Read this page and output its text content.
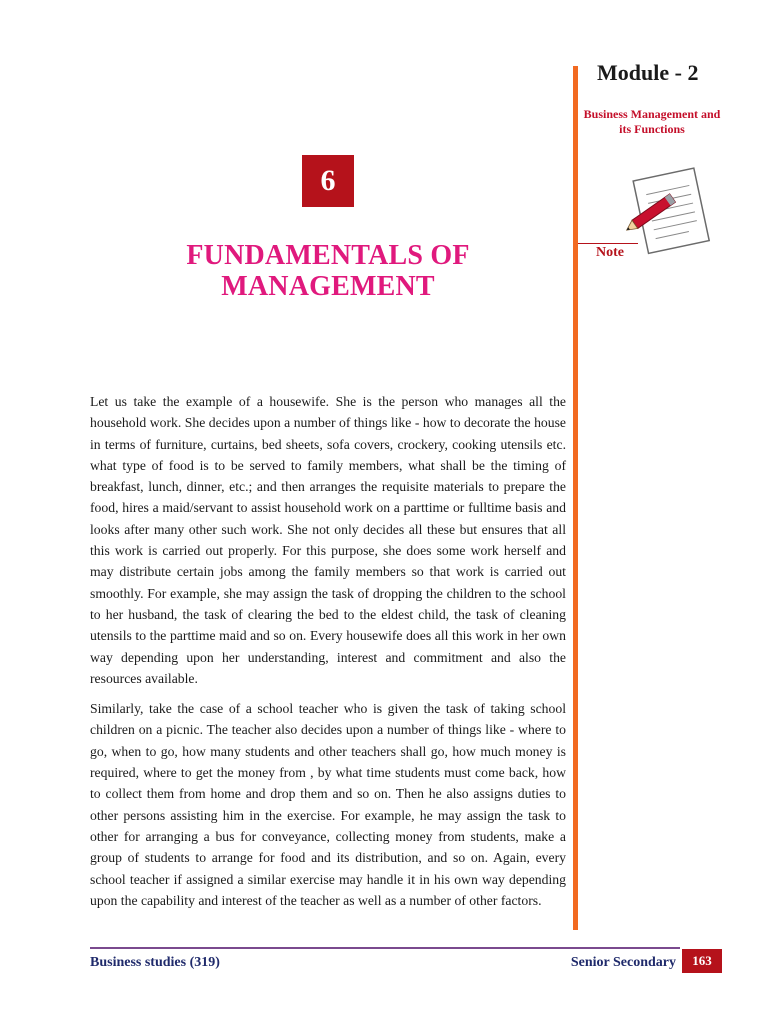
6
FUNDAMENTALS OF
MANAGEMENT
Module - 2
Business Management and
its Functions
Note

Let us take the example of a housewife. She is the person who manages all the household work. She decides upon a number of things like - how to decorate the house in terms of furniture, curtains, bed sheets, sofa covers, crockery, cooking utensils etc. what type of food is to be served to family members, what shall be the timing of breakfast, lunch, dinner, etc.; and then arranges the requisite materials to prepare the food, hires a maid/servant to assist household work on a parttime or fulltime basis and looks after many other such work. She not only decides all these but ensures that all this work is carried out properly. For this purpose, she does some work herself and may distribute certain jobs among the family members so that work is carried out smoothly. For example, she may assign the task of dropping the children to the school to her husband, the task of clearing the bed to the eldest child, the task of cleaning utensils to the parttime maid and so on. Every housewife does all this work in her own way depending upon her understanding, interest and commitment and also the resources available.

Similarly, take the case of a school teacher who is given the task of taking school children on a picnic. The teacher also decides upon a number of things like - where to go, when to go, how many students and other teachers shall go, how much money is required, where to get the money from , by what time students must come back, how to collect them from home and drop them and so on. Then he also assigns duties to other persons assisting him in the exercise. For example, he may assign the task to other for arranging a bus for conveyance, collecting money from students, make a group of students to arrange for food and its distribution, and so on. Again, every school teacher if assigned a similar exercise may handle it in his own way depending upon the capability and interest of the teacher as well as a number of other factors.

Business studies (319)	Senior Secondary 163
